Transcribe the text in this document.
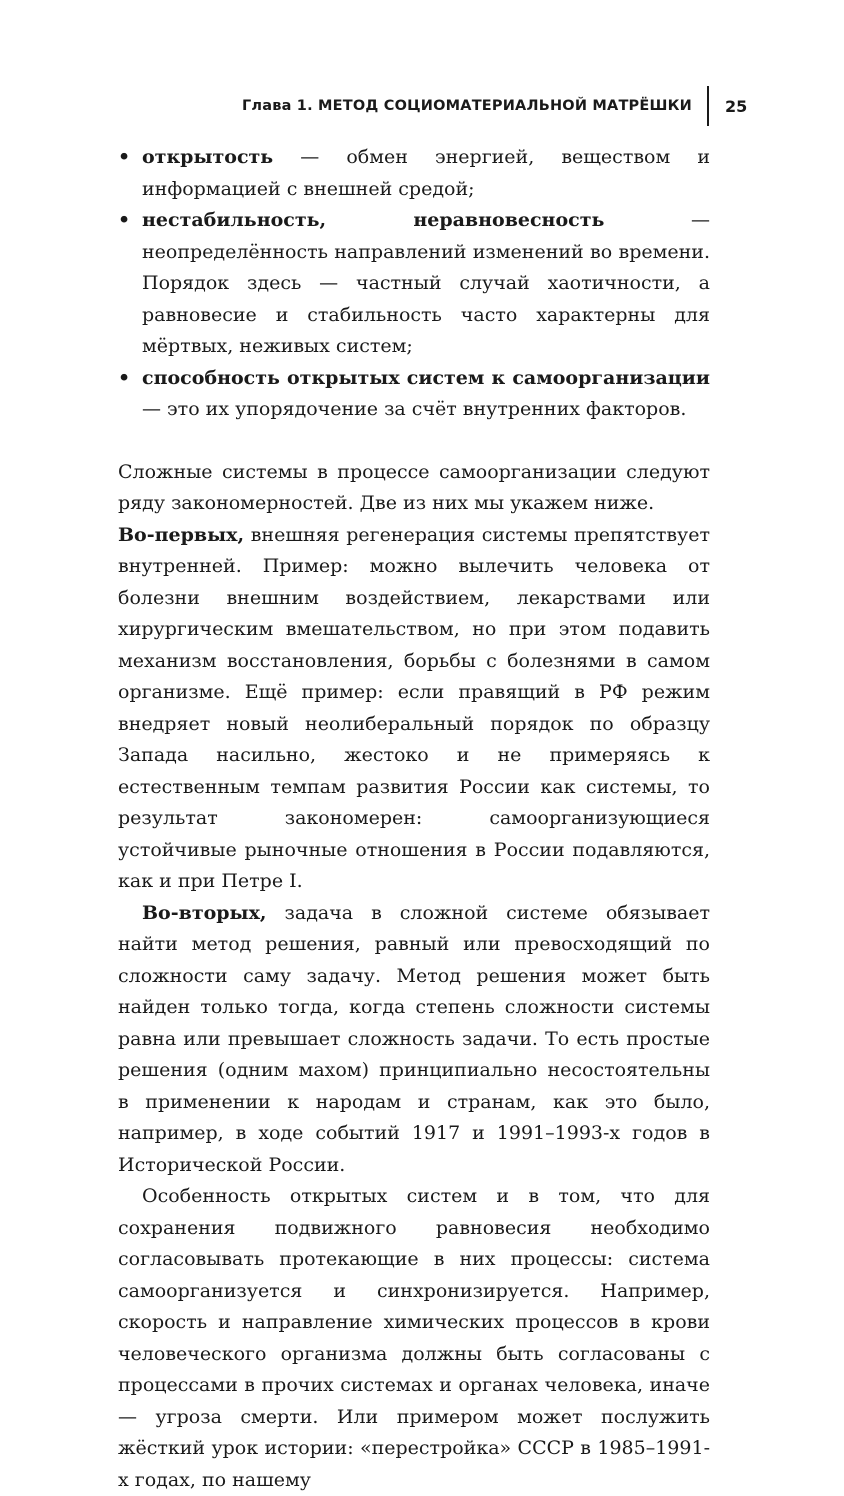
Глава 1. МЕТОД СОЦИОМАТЕРИАЛЬНОЙ МАТРЁШКИ 25
• открытость — обмен энергией, веществом и информацией с внешней средой;
• нестабильность, неравновесность	— неопределённость направлений изменений во времени. Порядок здесь — частный случай хаотичности, а равновесие и стабильность часто характерны для мёртвых, неживых систем;
• способность открытых систем к самоорганизации — это их упорядочение за счёт внутренних факторов.

Сложные системы в процессе самоорганизации следуют ряду закономерностей. Две из них мы укажем ниже.

Во-первых, внешняя регенерация системы препятствует внутренней. Пример: можно вылечить человека от болезни внешним воздействием, лекарствами или хирургическим вмешательством, но при этом подавить механизм восстановления, борьбы с болезнями в самом организме. Ещё пример: если правящий в РФ режим внедряет новый неолиберальный порядок по образцу Запада насильно, жестоко и не примеряясь к естественным темпам развития России как системы, то результат закономерен: самоорганизующиеся устойчивые рыночные отношения в России подавляются, как и при Петре I.

Во-вторых, задача в сложной системе обязывает найти метод решения, равный или превосходящий по сложности саму задачу. Метод решения может быть найден только тогда, когда степень сложности системы равна или превышает сложность задачи. То есть простые решения (одним махом) принципиально несостоятельны в применении к народам и странам, как это было, например, в ходе событий 1917 и 1991–1993-х годов в Исторической России.

Особенность открытых систем и в том, что для сохранения подвижного равновесия необходимо согласовывать протекающие в них процессы: система самоорганизуется и синхронизируется. Например, скорость и направление химических процессов в крови человеческого организма должны быть согласованы с процессами в прочих системах и органах человека, иначе — угроза смерти. Или примером может послужить жёсткий урок истории: «перестройка» СССР в 1985–1991-х годах, по нашему
